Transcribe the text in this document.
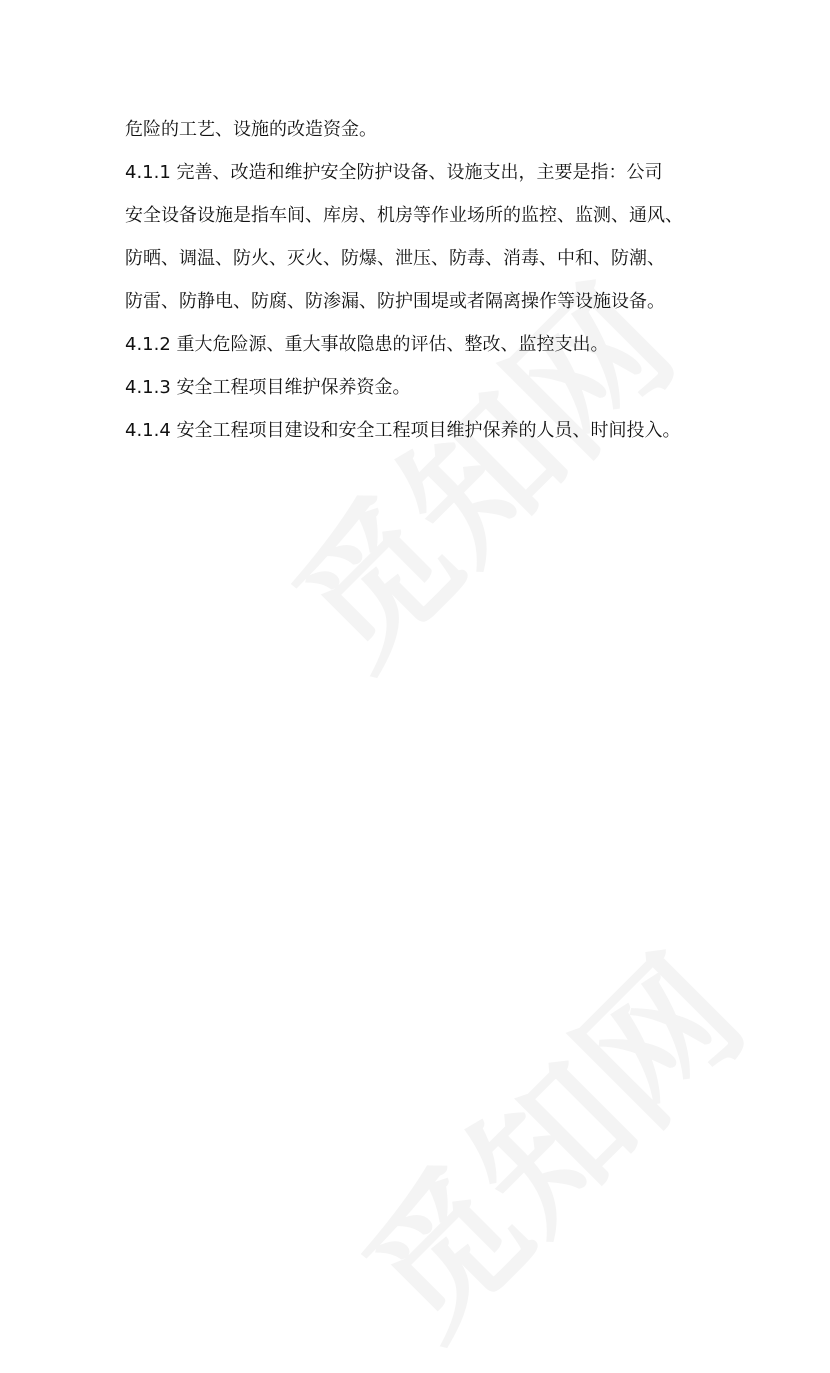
危险的工艺、设施的改造资金。

4.1.1 完善、改造和维护安全防护设备、设施支出，主要是指：公司

安全设备设施是指车间、库房、机房等作业场所的监控、监测、通风、

防晒、调温、防火、灭火、防爆、泄压、防毒、消毒、中和、防潮、

防雷、防静电、防腐、防渗漏、防护围堤或者隔离操作等设施设备。

4.1.2 重大危险源、重大事故隐患的评估、整改、监控支出。

4.1.3 安全工程项目维护保养资金。

4.1.4 安全工程项目建设和安全工程项目维护保养的人员、时间投入。
